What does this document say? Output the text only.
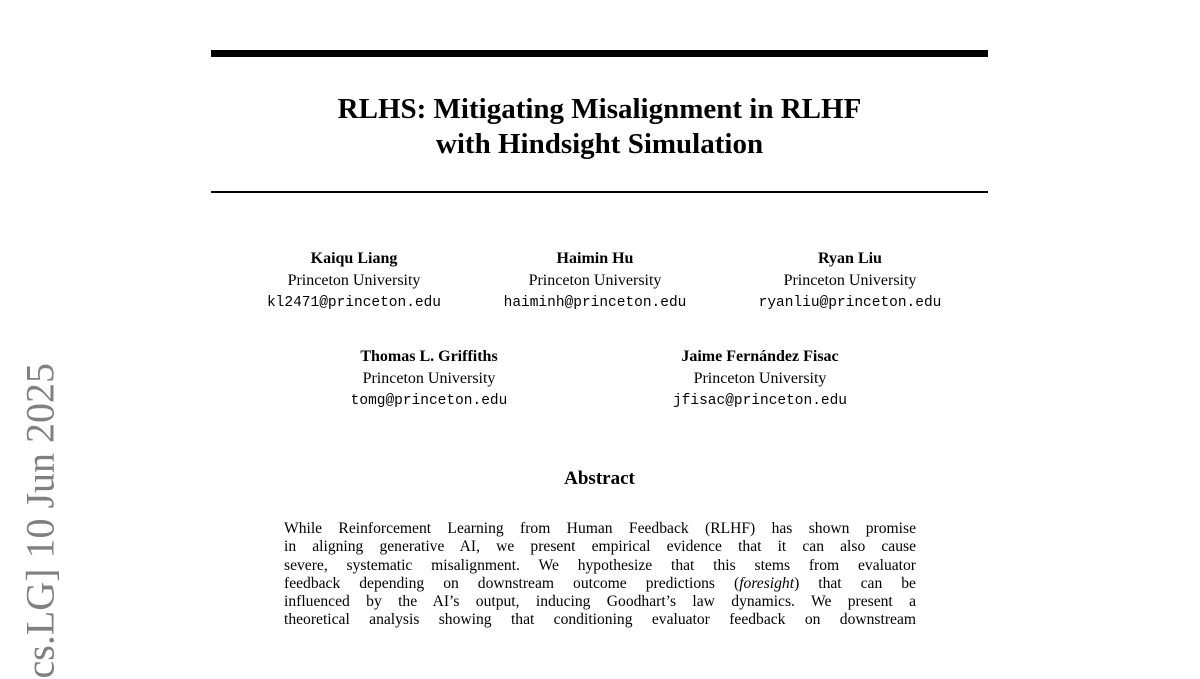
cs.LG] 10 Jun 2025
RLHS: Mitigating Misalignment in RLHF
with Hindsight Simulation
Kaiqu Liang
Princeton University
kl2471@princeton.edu
Haimin Hu
Princeton University
haiminh@princeton.edu
Ryan Liu
Princeton University
ryanliu@princeton.edu
Thomas L. Griffiths
Princeton University
tomg@princeton.edu
Jaime Fernández Fisac
Princeton University
jfisac@princeton.edu
Abstract
While Reinforcement Learning from Human Feedback (RLHF) has shown promise
in aligning generative AI, we present empirical evidence that it can also cause
severe, systematic misalignment. We hypothesize that this stems from evaluator
feedback depending on downstream outcome predictions (foresight) that can be
influenced by the AI’s output, inducing Goodhart’s law dynamics. We present a
theoretical analysis showing that conditioning evaluator feedback on downstream
